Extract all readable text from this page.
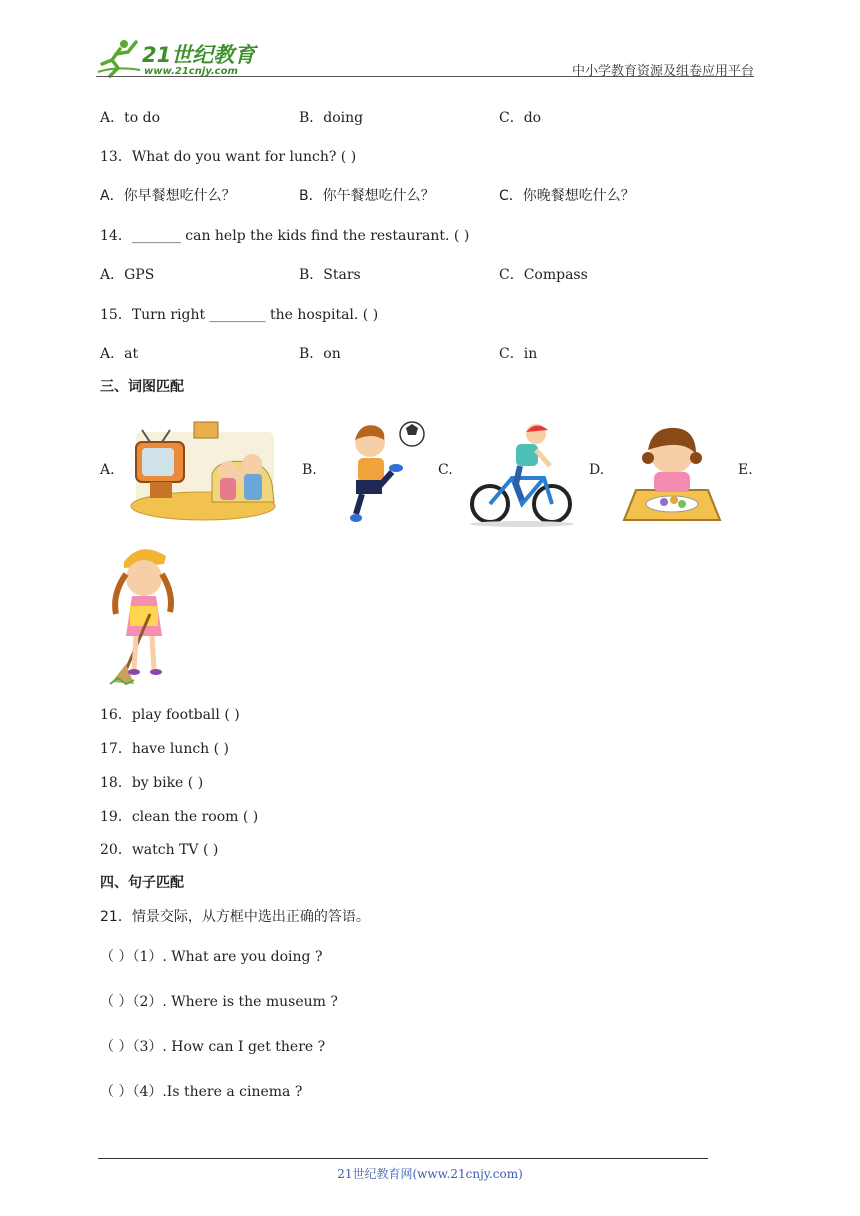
21世纪教育
www.21cnjy.com	中小学教育资源及组卷应用平台
A．to do	B．doing	C．do
13．What do you want for lunch? ( )
A．你早餐想吃什么？	B．你午餐想吃什么？	C．你晚餐想吃什么？
14．_______ can help the kids find the restaurant. ( )
A．GPS	B．Stars	C．Compass
15．Turn right ________ the hospital. ( )
A．at	B．on	C．in
三、词图匹配
A.	B.	C.	D.	E.
16．play football ( )
17．have lunch ( )
18．by bike ( )
19．clean the room ( )
20．watch TV ( )
四、句子匹配
21．情景交际，从方框中选出正确的答语。
（ ）（1）. What are you doing ?
（ ）（2）. Where is the museum ?
（ ）（3）. How can I get there ?
（ ）（4）.Is there a cinema ?
21世纪教育网(www.21cnjy.com)
